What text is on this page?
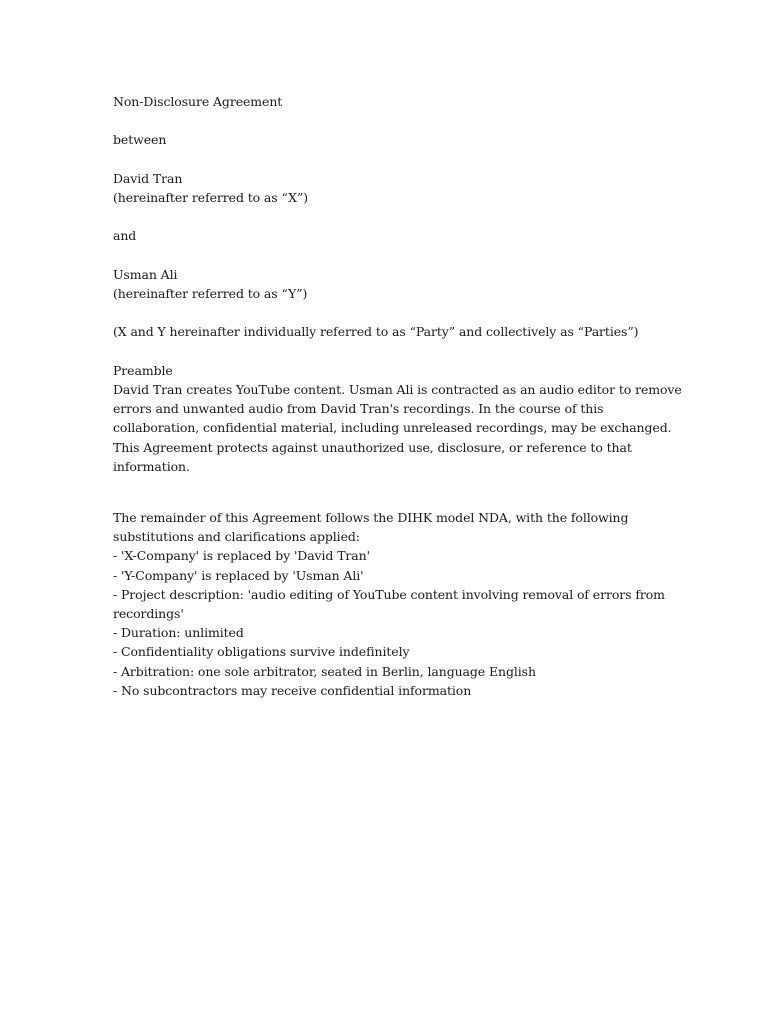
Non-Disclosure Agreement
between
David Tran
(hereinafter referred to as “X”)
and
Usman Ali
(hereinafter referred to as “Y”)
(X and Y hereinafter individually referred to as “Party” and collectively as “Parties”)
Preamble
David Tran creates YouTube content. Usman Ali is contracted as an audio editor to remove
errors and unwanted audio from David Tran's recordings. In the course of this
collaboration, confidential material, including unreleased recordings, may be exchanged.
This Agreement protects against unauthorized use, disclosure, or reference to that
information.
The remainder of this Agreement follows the DIHK model NDA, with the following
substitutions and clarifications applied:
- 'X-Company' is replaced by 'David Tran'
- 'Y-Company' is replaced by 'Usman Ali'
- Project description: 'audio editing of YouTube content involving removal of errors from
recordings'
- Duration: unlimited
- Confidentiality obligations survive indefinitely
- Arbitration: one sole arbitrator, seated in Berlin, language English
- No subcontractors may receive confidential information
